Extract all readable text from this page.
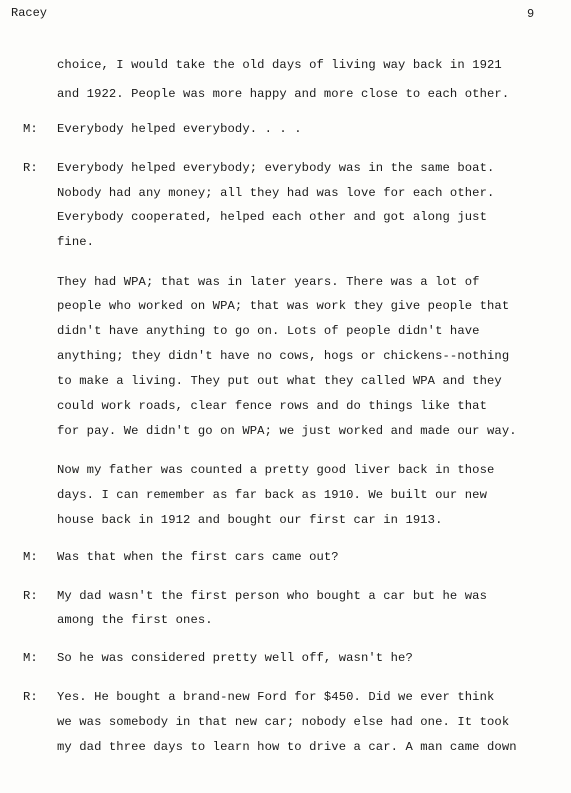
Racey	9
choice, I would take the old days of living way back in 1921
and 1922. People was more happy and more close to each other.
M: Everybody helped everybody. . . .
R: Everybody helped everybody; everybody was in the same boat.
Nobody had any money; all they had was love for each other.
Everybody cooperated, helped each other and got along just
fine.
They had WPA; that was in later years. There was a lot of
people who worked on WPA; that was work they give people that
didn't have anything to go on. Lots of people didn't have
anything; they didn't have no cows, hogs or chickens--nothing
to make a living. They put out what they called WPA and they
could work roads, clear fence rows and do things like that
for pay. We didn't go on WPA; we just worked and made our way.
Now my father was counted a pretty good liver back in those
days. I can remember as far back as 1910. We built our new
house back in 1912 and bought our first car in 1913.
M: Was that when the first cars came out?
R: My dad wasn't the first person who bought a car but he was
among the first ones.
M: So he was considered pretty well off, wasn't he?
R: Yes. He bought a brand-new Ford for $450. Did we ever think
we was somebody in that new car; nobody else had one. It took
my dad three days to learn how to drive a car. A man came down
